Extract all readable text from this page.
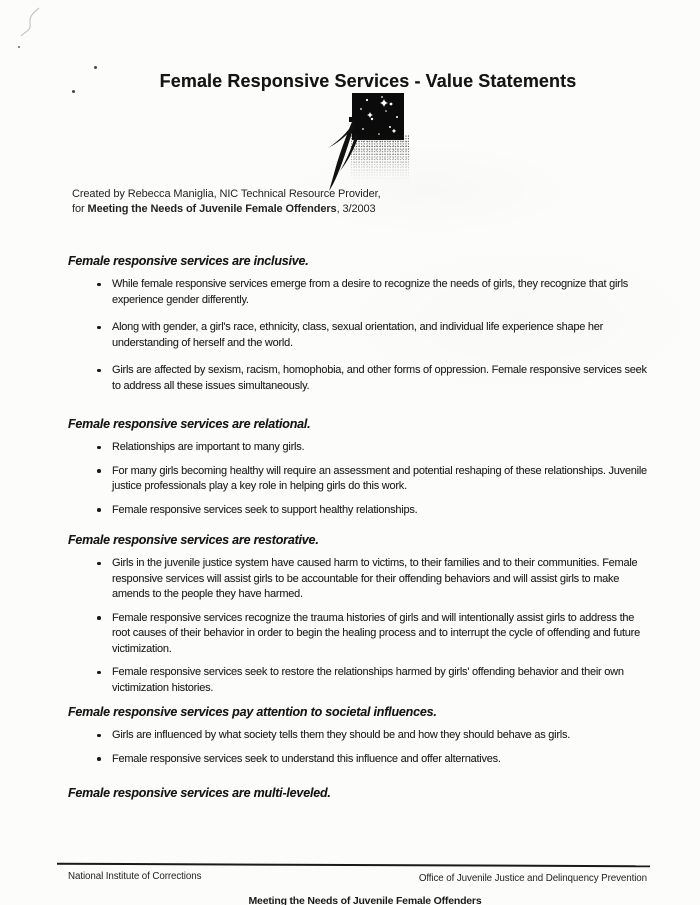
Female Responsive Services - Value Statements
Created by Rebecca Maniglia, NIC Technical Resource Provider,
for Meeting the Needs of Juvenile Female Offenders, 3/2003

Female responsive services are inclusive.

While female responsive services emerge from a desire to recognize the needs of girls, they recognize that girls experience gender differently.
Along with gender, a girl's race, ethnicity, class, sexual orientation, and individual life experience shape her understanding of herself and the world.
Girls are affected by sexism, racism, homophobia, and other forms of oppression. Female responsive services seek to address all these issues simultaneously.

Female responsive services are relational.

Relationships are important to many girls.
For many girls becoming healthy will require an assessment and potential reshaping of these relationships. Juvenile justice professionals play a key role in helping girls do this work.
Female responsive services seek to support healthy relationships.

Female responsive services are restorative.

Girls in the juvenile justice system have caused harm to victims, to their families and to their communities. Female responsive services will assist girls to be accountable for their offending behaviors and will assist girls to make amends to the people they have harmed.
Female responsive services recognize the trauma histories of girls and will intentionally assist girls to address the root causes of their behavior in order to begin the healing process and to interrupt the cycle of offending and future victimization.
Female responsive services seek to restore the relationships harmed by girls' offending behavior and their own victimization histories.

Female responsive services pay attention to societal influences.

Girls are influenced by what society tells them they should be and how they should behave as girls.
Female responsive services seek to understand this influence and offer alternatives.

Female responsive services are multi-leveled.

National Institute of Corrections	Office of Juvenile Justice and Delinquency Prevention
Meeting the Needs of Juvenile Female Offenders
